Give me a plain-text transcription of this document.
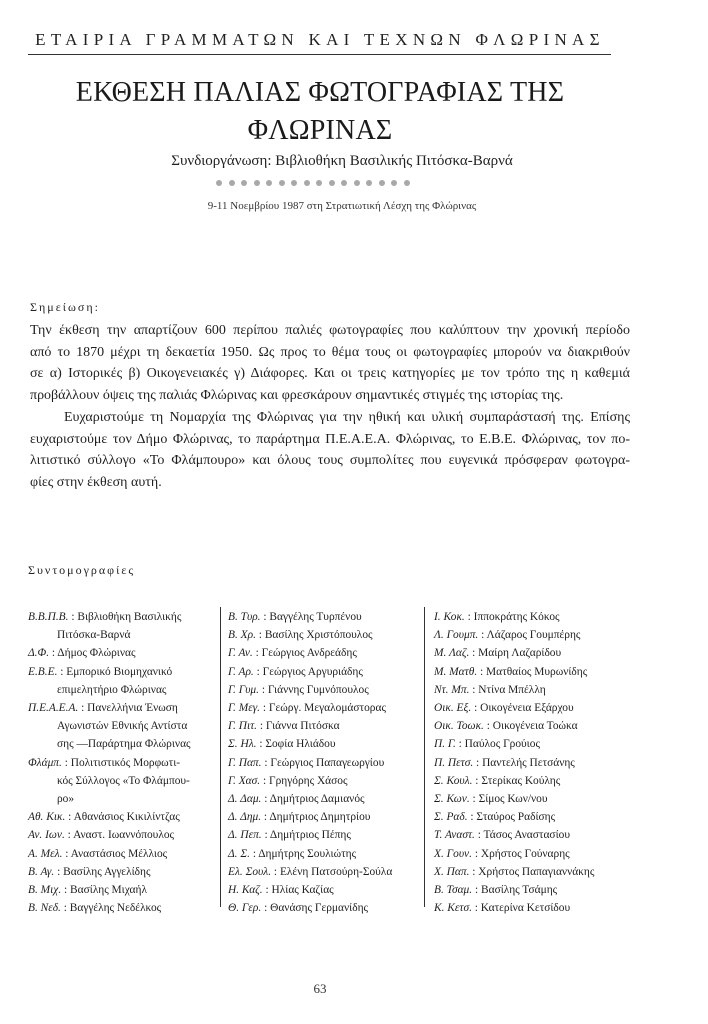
ΕΤΑΙΡΙΑ ΓΡΑΜΜΑΤΩΝ ΚΑΙ ΤΕΧΝΩΝ ΦΛΩΡΙΝΑΣ
ΕΚΘΕΣΗ ΠΑΛΙΑΣ ΦΩΤΟΓΡΑΦΙΑΣ ΤΗΣ
ΦΛΩΡΙΝΑΣ
Συνδιοργάνωση: Βιβλιοθήκη Βασιλικής Πιτόσκα-Βαρνά
9-11 Νοεμβρίου 1987 στη Στρατιωτική Λέσχη της Φλώρινας
Σημείωση:
Την έκθεση την απαρτίζουν 600 περίπου παλιές φωτογραφίες που καλύπτουν την χρονική περίοδο
από το 1870 μέχρι τη δεκαετία 1950. Ως προς το θέμα τους οι φωτογραφίες μπορούν να διακριθούν
σε α) Ιστορικές β) Οικογενειακές γ) Διάφορες. Και οι τρεις κατηγορίες με τον τρόπο της η καθεμιά
προβάλλουν όψεις της παλιάς Φλώρινας και φρεσκάρουν σημαντικές στιγμές της ιστορίας της.
Ευχαριστούμε τη Νομαρχία της Φλώρινας για την ηθική και υλική συμπαράστασή της. Επίσης
ευχαριστούμε τον Δήμο Φλώρινας, το παράρτημα Π.Ε.Α.Ε.Α. Φλώρινας, το Ε.Β.Ε. Φλώρινας, τον πο-
λιτιστικό σύλλογο «Το Φλάμπουρο» και όλους τους συμπολίτες που ευγενικά πρόσφεραν φωτογρα-
φίες στην έκθεση αυτή.
Συντομογραφίες
Β.Β.Π.Β. : Βιβλιοθήκη Βασιλικής
Πιτόσκα-Βαρνά
Δ.Φ. : Δήμος Φλώρινας
Ε.Β.Ε. : Εμπορικό Βιομηχανικό
επιμελητήριο Φλώρινας
Π.Ε.Α.Ε.Α. : Πανελλήνια Ένωση
Αγωνιστών Εθνικής Αντίστα
σης —Παράρτημα Φλώρινας
Φλάμπ. : Πολιτιστικός Μορφωτι-
κός Σύλλογος «Το Φλάμπου-
ρο»
Αθ. Κικ. : Αθανάσιος Κικιλίντζας
Αν. Ιων. : Αναστ. Ιωαννόπουλος
Α. Μελ. : Αναστάσιος Μέλλιος
Β. Αγ. : Βασίλης Αγγελίδης
Β. Μιχ. : Βασίλης Μιχαήλ
Β. Νεδ. : Βαγγέλης Νεδέλκος
Β. Τυρ. : Βαγγέλης Τυρπένου
Β. Χρ. : Βασίλης Χριστόπουλος
Γ. Αν. : Γεώργιος Ανδρεάδης
Γ. Αρ. : Γεώργιος Αργυριάδης
Γ. Γυμ. : Γιάννης Γυμνόπουλος
Γ. Μεγ. : Γεώργ. Μεγαλομάστορας
Γ. Πιτ. : Γιάννα Πιτόσκα
Σ. Ηλ. : Σοφία Ηλιάδου
Γ. Παπ. : Γεώργιος Παπαγεωργίου
Γ. Χασ. : Γρηγόρης Χάσος
Δ. Δαμ. : Δημήτριος Δαμιανός
Δ. Δημ. : Δημήτριος Δημητρίου
Δ. Πεπ. : Δημήτριος Πέπης
Δ. Σ. : Δημήτρης Σουλιώτης
Ελ. Σουλ. : Ελένη Πατσούρη-Σούλα
Η. Καζ. : Ηλίας Καζίας
Θ. Γερ. : Θανάσης Γερμανίδης
Ι. Κοκ. : Ιπποκράτης Κόκος
Λ. Γουμπ. : Λάζαρος Γουμπέρης
Μ. Λαζ. : Μαίρη Λαζαρίδου
Μ. Ματθ. : Ματθαίος Μυρωνίδης
Ντ. Μπ. : Ντίνα Μπέλλη
Οικ. Εξ. : Οικογένεια Εξάρχου
Οικ. Τοωκ. : Οικογένεια Τοώκα
Π. Γ. : Παύλος Γρούιος
Π. Πετσ. : Παντελής Πετσάνης
Σ. Κουλ. : Στερίκας Κούλης
Σ. Κων. : Σίμος Κων/νου
Σ. Ραδ. : Σταύρος Ραδίσης
Τ. Αναστ. : Τάσος Αναστασίου
Χ. Γουν. : Χρήστος Γούναρης
Χ. Παπ. : Χρήστος Παπαγιαννάκης
Β. Τσαμ. : Βασίλης Τσάμης
Κ. Κετσ. : Κατερίνα Κετσίδου
63
